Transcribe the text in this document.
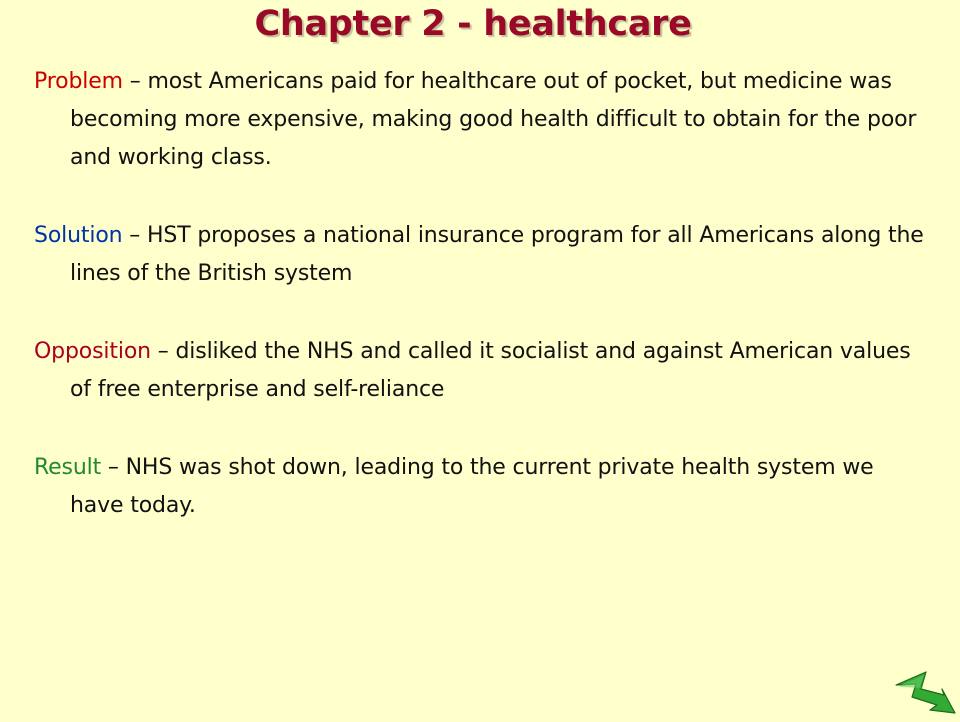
Chapter 2 - healthcare

Problem – most Americans paid for healthcare out of pocket, but medicine was becoming more expensive, making good health difficult to obtain for the poor and working class.

Solution – HST proposes a national insurance program for all Americans along the lines of the British system

Opposition – disliked the NHS and called it socialist and against American values of free enterprise and self-reliance

Result – NHS was shot down, leading to the current private health system we have today.
